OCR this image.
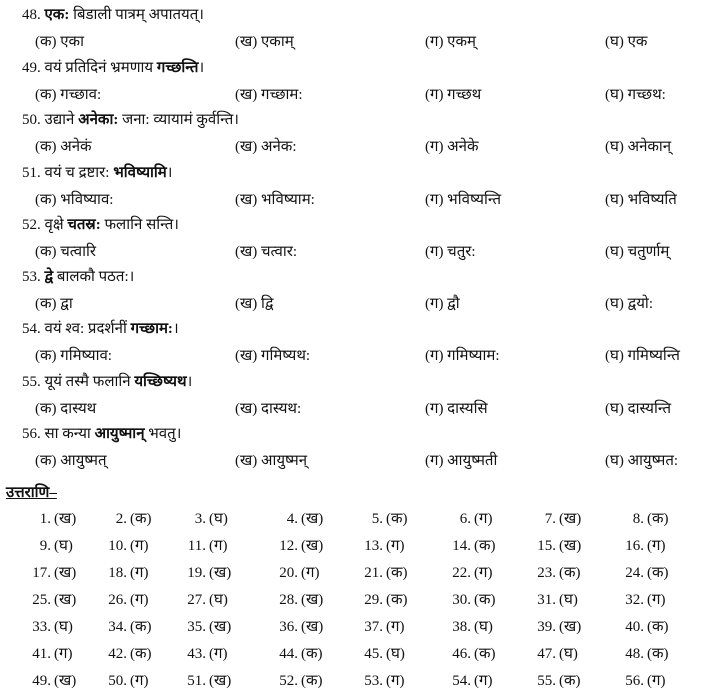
उत्तराणि–
48. एक: बिडाली पात्रम् अपातयत्।
(क) एका	(ख) एकाम्	(ग) एकम्	(घ) एक
49. वयं प्रतिदिनं भ्रमणाय गच्छन्ति।
(क) गच्छाव:	(ख) गच्छाम:	(ग) गच्छथ	(घ) गच्छथ:
50. उद्याने अनेका: जना: व्यायामं कुर्वन्ति।
(क) अनेकं	(ख) अनेक:	(ग) अनेके	(घ) अनेकान्
51. वयं च द्रष्टार: भविष्यामि।
(क) भविष्याव:	(ख) भविष्याम:	(ग) भविष्यन्ति	(घ) भविष्यति
52. वृक्षे चतस्र: फलानि सन्ति।
(क) चत्वारि	(ख) चत्वार:	(ग) चतुर:	(घ) चतुर्णाम्
53. द्वे बालकौ पठत:।
(क) द्वा	(ख) द्वि	(ग) द्वौ	(घ) द्वयो:
54. वयं श्व: प्रदर्शनीं गच्छाम:।
(क) गमिष्याव:	(ख) गमिष्यथ:	(ग) गमिष्याम:	(घ) गमिष्यन्ति
55. यूयं तस्मै फलानि यच्छिष्यथ।
(क) दास्यथ	(ख) दास्यथ:	(ग) दास्यसि	(घ) दास्यन्ति
56. सा कन्या आयुष्मान् भवतु।
(क) आयुष्मत्	(ख) आयुष्मन्	(ग) आयुष्मती	(घ) आयुष्मत:
1. (ख)	2. (क)	3. (घ)	4. (ख)	5. (क)	6. (ग)	7. (ख)	8. (क)
9. (घ)	10. (ग)	11. (ग)	12. (ख)	13. (ग)	14. (क)	15. (ख)	16. (ग)
17. (ख)	18. (ग)	19. (ख)	20. (ग)	21. (क)	22. (ग)	23. (क)	24. (क)
25. (ख)	26. (ग)	27. (घ)	28. (ख)	29. (क)	30. (क)	31. (घ)	32. (ग)
33. (घ)	34. (क)	35. (ख)	36. (ख)	37. (ग)	38. (घ)	39. (ख)	40. (क)
41. (ग)	42. (क)	43. (ग)	44. (क)	45. (घ)	46. (क)	47. (घ)	48. (क)
49. (ख)	50. (ग)	51. (ख)	52. (क)	53. (ग)	54. (ग)	55. (क)	56. (ग)
